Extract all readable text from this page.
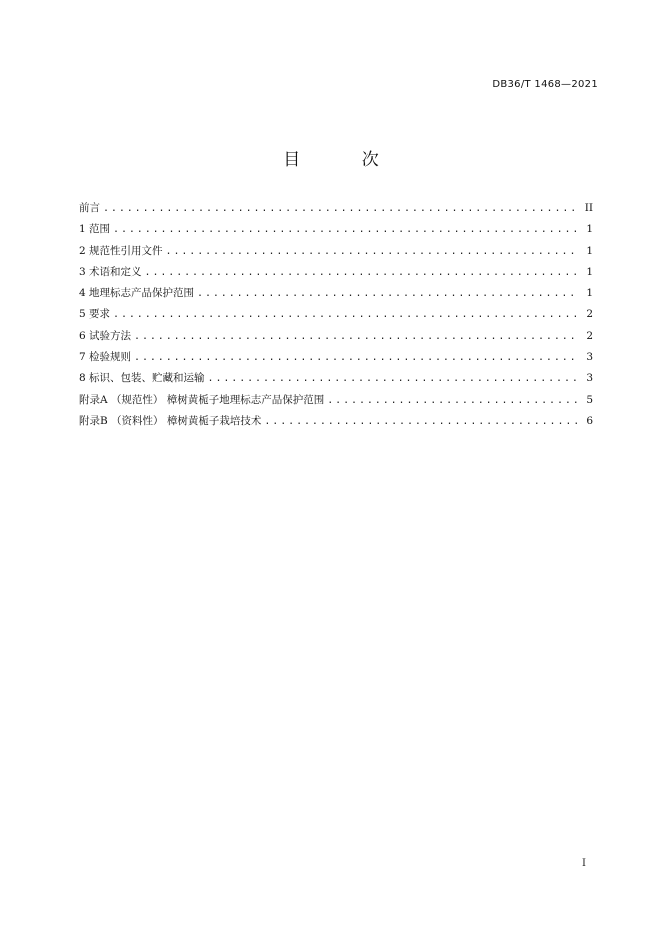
DB36/T 1468—2021
目 次
前言 .....	II
1 范围 .....	1
2 规范性引用文件 .....	1
3 术语和定义 .....	1
4 地理标志产品保护范围 .....	1
5 要求 .....	2
6 试验方法 .....	2
7 检验规则 .....	3
8 标识、包装、贮藏和运输 .....	3
附录A （规范性） 樟树黄栀子地理标志产品保护范围 .....	5
附录B （资料性） 樟树黄栀子栽培技术 .....	6
I
